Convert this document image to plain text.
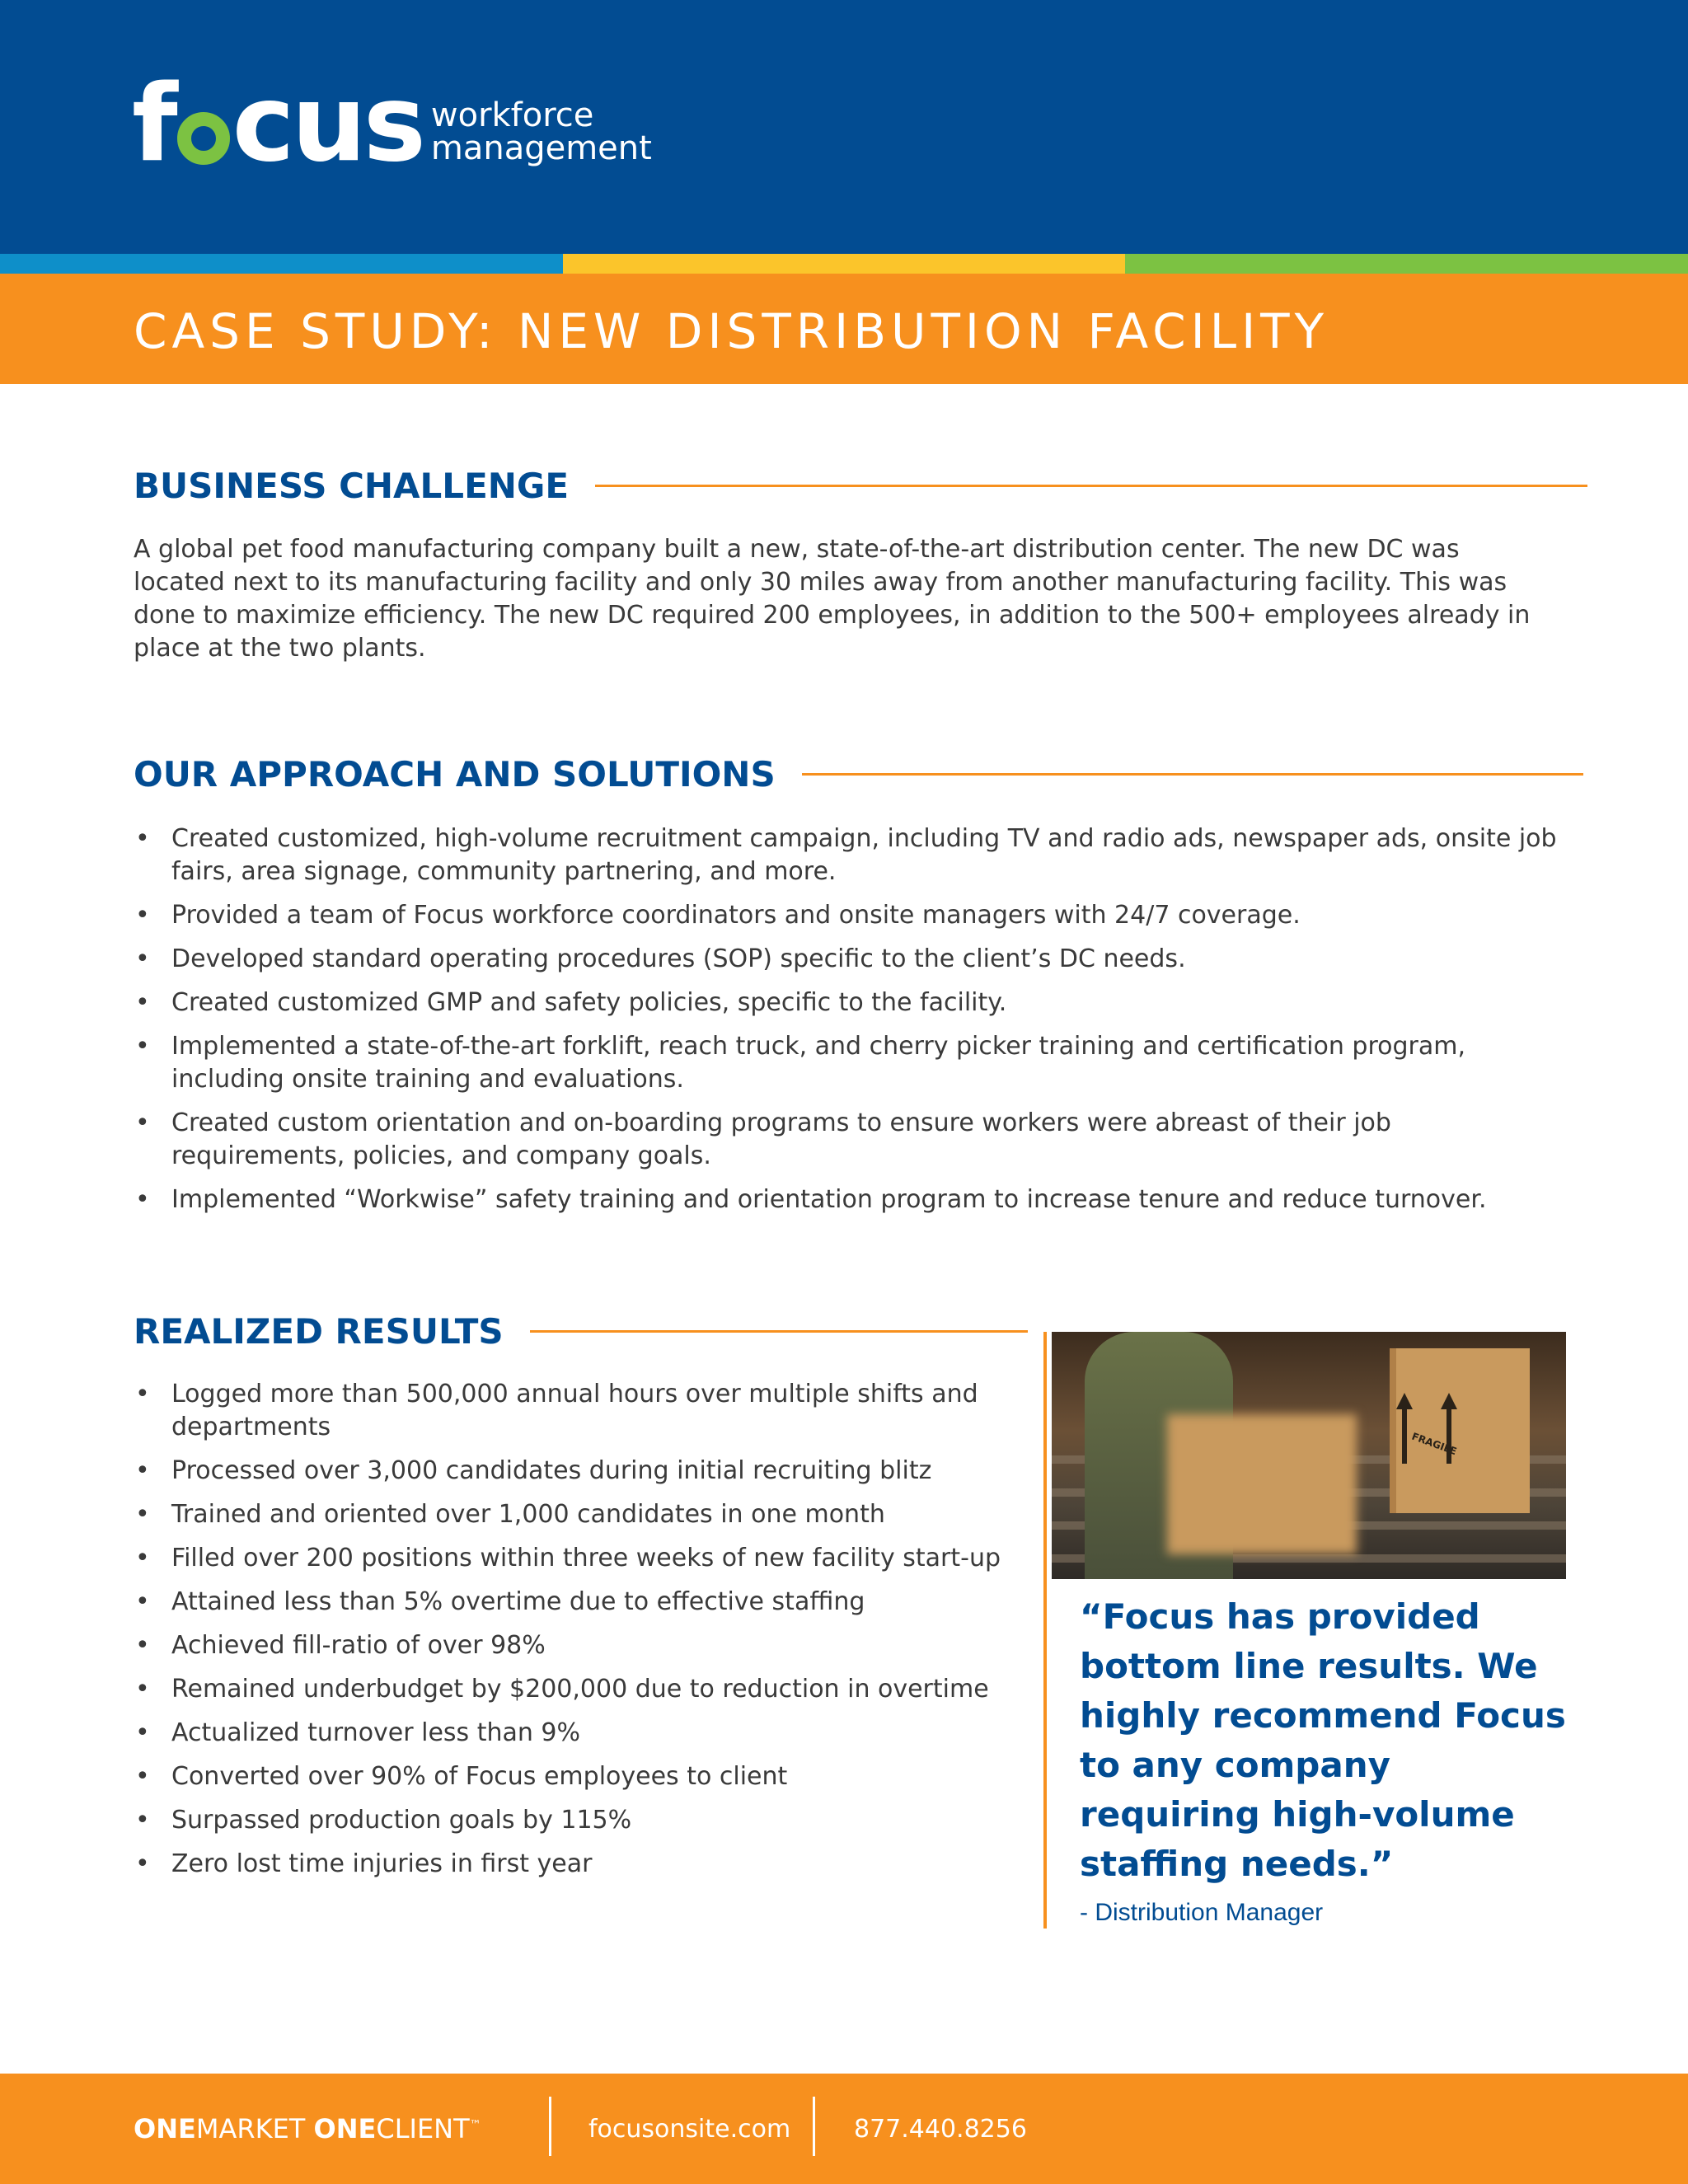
f cus workforce
management
CASE STUDY: NEW DISTRIBUTION FACILITY
BUSINESS CHALLENGE

A global pet food manufacturing company built a new, state-of-the-art distribution center. The new DC was located next to its manufacturing facility and only 30 miles away from another manufacturing facility. This was done to maximize efficiency. The new DC required 200 employees, in addition to the 500+ employees already in place at the two plants.

OUR APPROACH AND SOLUTIONS
• Created customized, high-volume recruitment campaign, including TV and radio ads, newspaper ads, onsite job fairs, area signage, community partnering, and more.
• Provided a team of Focus workforce coordinators and onsite managers with 24/7 coverage.
• Developed standard operating procedures (SOP) specific to the client’s DC needs.
• Created customized GMP and safety policies, specific to the facility.
• Implemented a state-of-the-art forklift, reach truck, and cherry picker training and certification program, including onsite training and evaluations.
• Created custom orientation and on-boarding programs to ensure workers were abreast of their job requirements, policies, and company goals.
• Implemented “Workwise” safety training and orientation program to increase tenure and reduce turnover.
REALIZED RESULTS
• Logged more than 500,000 annual hours over multiple shifts and departments
• Processed over 3,000 candidates during initial recruiting blitz
• Trained and oriented over 1,000 candidates in one month
• Filled over 200 positions within three weeks of new facility start-up
• Attained less than 5% overtime due to effective staffing
• Achieved fill-ratio of over 98%
• Remained underbudget by $200,000 due to reduction in overtime
• Actualized turnover less than 9%
• Converted over 90% of Focus employees to client
• Surpassed production goals by 115%
• Zero lost time injuries in first year
FRAGILE
“Focus has provided bottom line results. We highly recommend Focus to any company requiring high-volume staffing needs.”
- Distribution Manager
ONEMARKET ONECLIENT™	focusonsite.com	877.440.8256
